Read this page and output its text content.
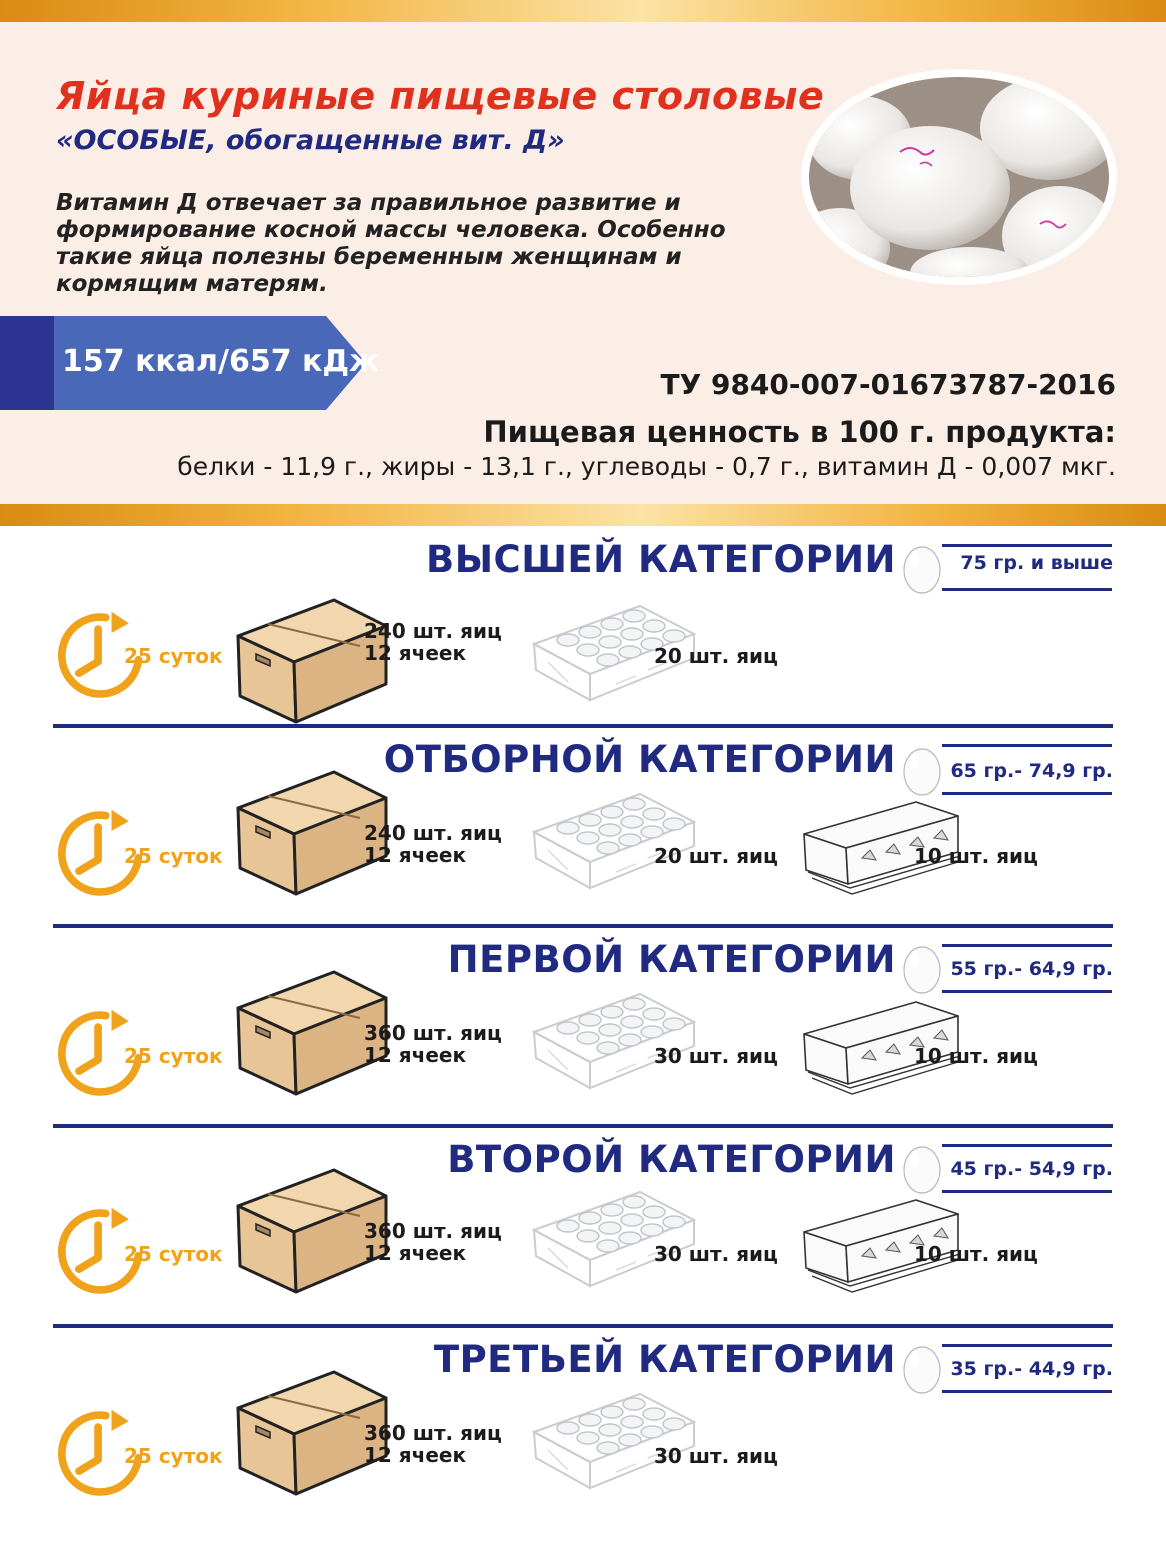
Яйца куриные пищевые столовые
«ОСОБЫЕ, обогащенные вит. Д»
Витамин Д отвечает за правильное развитие и формирование косной массы человека. Особенно такие яйца полезны беременным женщинам и кормящим матерям.
157 ккал/657 кДж
ТУ 9840-007-01673787-2016
Пищевая ценность в 100 г. продукта:
белки - 11,9 г., жиры - 13,1 г., углеводы - 0,7 г., витамин Д - 0,007 мкг.
ВЫСШЕЙ КАТЕГОРИИ	75 гр. и выше
25 суток
240 шт. яиц
12 ячеек	20 шт. яиц
ОТБОРНОЙ КАТЕГОРИИ	65 гр.- 74,9 гр.
25 суток
240 шт. яиц
12 ячеек	20 шт. яиц	10 шт. яиц
ПЕРВОЙ КАТЕГОРИИ	55 гр.- 64,9 гр.
25 суток
360 шт. яиц
12 ячеек	30 шт. яиц	10 шт. яиц
ВТОРОЙ КАТЕГОРИИ	45 гр.- 54,9 гр.
25 суток
360 шт. яиц
12 ячеек	30 шт. яиц	10 шт. яиц
ТРЕТЬЕЙ КАТЕГОРИИ	35 гр.- 44,9 гр.
25 суток
360 шт. яиц
12 ячеек	30 шт. яиц
